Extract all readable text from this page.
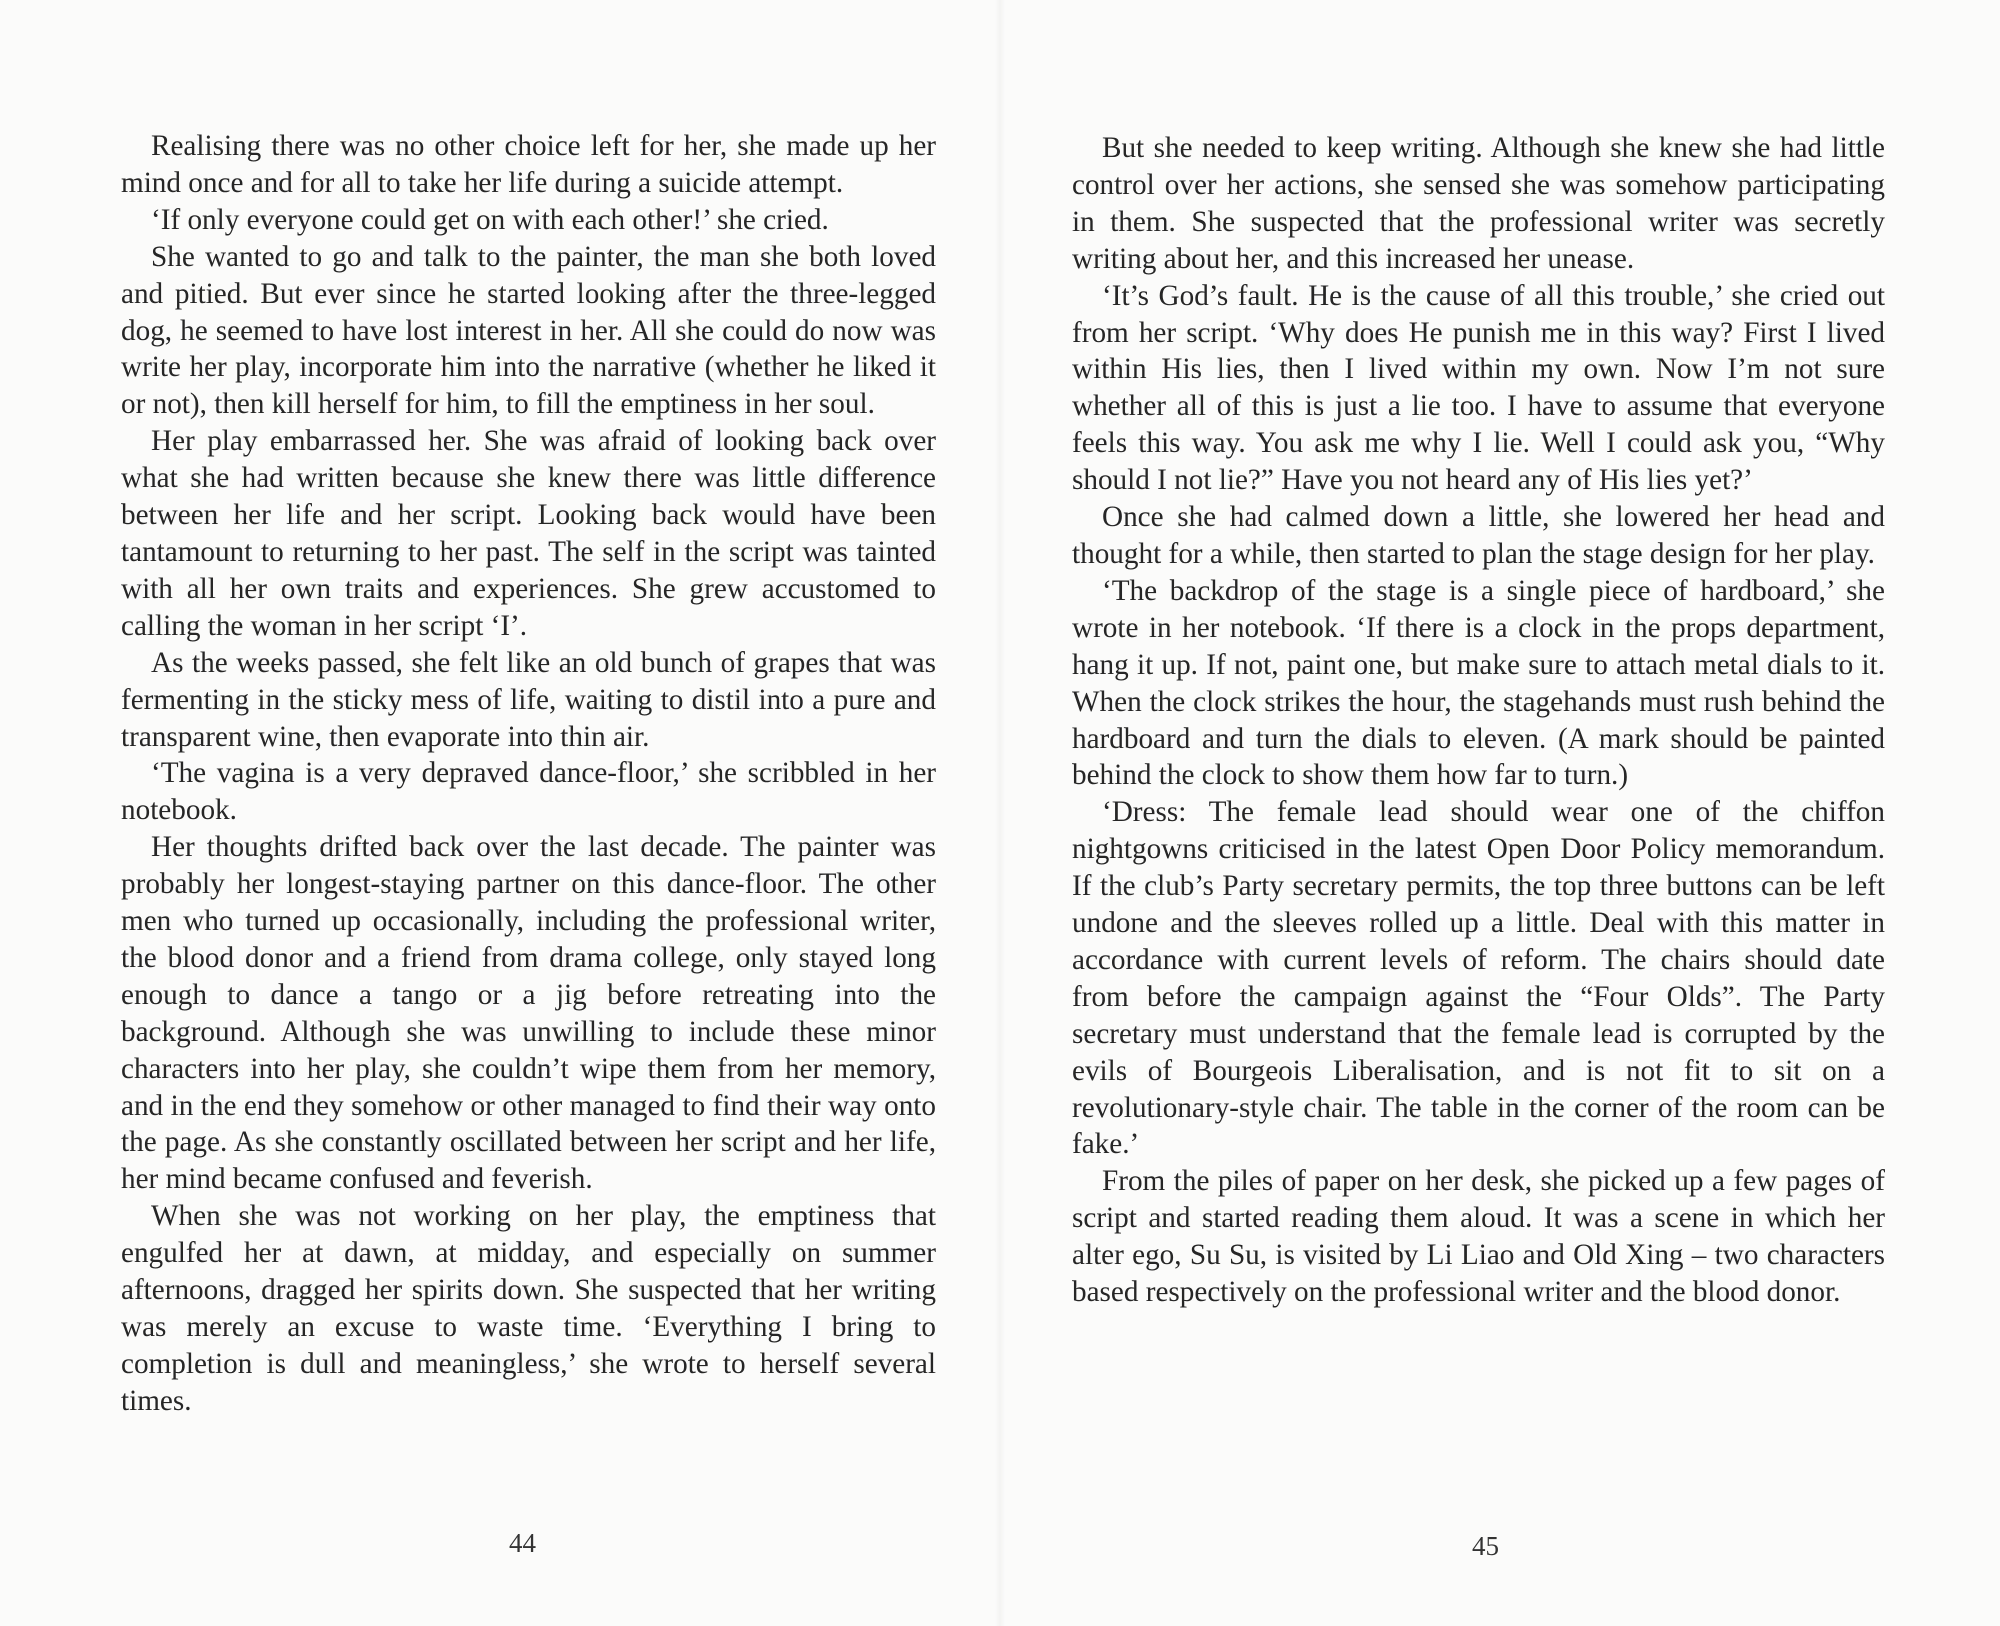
Realising there was no other choice left for her, she made up her mind once and for all to take her life during a suicide attempt.

‘If only everyone could get on with each other!’ she cried.

She wanted to go and talk to the painter, the man she both loved and pitied. But ever since he started looking after the three-legged dog, he seemed to have lost interest in her. All she could do now was write her play, incorporate him into the narrative (whether he liked it or not), then kill herself for him, to fill the emptiness in her soul.

Her play embarrassed her. She was afraid of looking back over what she had written because she knew there was little difference between her life and her script. Looking back would have been tantamount to returning to her past. The self in the script was tainted with all her own traits and experiences. She grew accustomed to calling the woman in her script ‘I’.

As the weeks passed, she felt like an old bunch of grapes that was fermenting in the sticky mess of life, waiting to distil into a pure and transparent wine, then evaporate into thin air.

‘The vagina is a very depraved dance-floor,’ she scribbled in her notebook.

Her thoughts drifted back over the last decade. The painter was probably her longest-staying partner on this dance-floor. The other men who turned up occasionally, including the professional writer, the blood donor and a friend from drama college, only stayed long enough to dance a tango or a jig before retreating into the background. Although she was unwilling to include these minor characters into her play, she couldn’t wipe them from her memory, and in the end they somehow or other managed to find their way onto the page. As she constantly oscillated between her script and her life, her mind became confused and feverish.

When she was not working on her play, the emptiness that engulfed her at dawn, at midday, and especially on summer afternoons, dragged her spirits down. She suspected that her writing was merely an excuse to waste time. ‘Everything I bring to completion is dull and meaningless,’ she wrote to herself several times.

44

But she needed to keep writing. Although she knew she had little control over her actions, she sensed she was somehow participating in them. She suspected that the professional writer was secretly writing about her, and this increased her unease.

‘It’s God’s fault. He is the cause of all this trouble,’ she cried out from her script. ‘Why does He punish me in this way? First I lived within His lies, then I lived within my own. Now I’m not sure whether all of this is just a lie too. I have to assume that everyone feels this way. You ask me why I lie. Well I could ask you, “Why should I not lie?” Have you not heard any of His lies yet?’

Once she had calmed down a little, she lowered her head and thought for a while, then started to plan the stage design for her play.

‘The backdrop of the stage is a single piece of hardboard,’ she wrote in her notebook. ‘If there is a clock in the props department, hang it up. If not, paint one, but make sure to attach metal dials to it. When the clock strikes the hour, the stagehands must rush behind the hardboard and turn the dials to eleven. (A mark should be painted behind the clock to show them how far to turn.)

‘Dress: The female lead should wear one of the chiffon nightgowns criticised in the latest Open Door Policy memorandum. If the club’s Party secretary permits, the top three buttons can be left undone and the sleeves rolled up a little. Deal with this matter in accordance with current levels of reform. The chairs should date from before the campaign against the “Four Olds”. The Party secretary must understand that the female lead is corrupted by the evils of Bourgeois Liberalisation, and is not fit to sit on a revolutionary-style chair. The table in the corner of the room can be fake.’

From the piles of paper on her desk, she picked up a few pages of script and started reading them aloud. It was a scene in which her alter ego, Su Su, is visited by Li Liao and Old Xing – two characters based respectively on the professional writer and the blood donor.

45
